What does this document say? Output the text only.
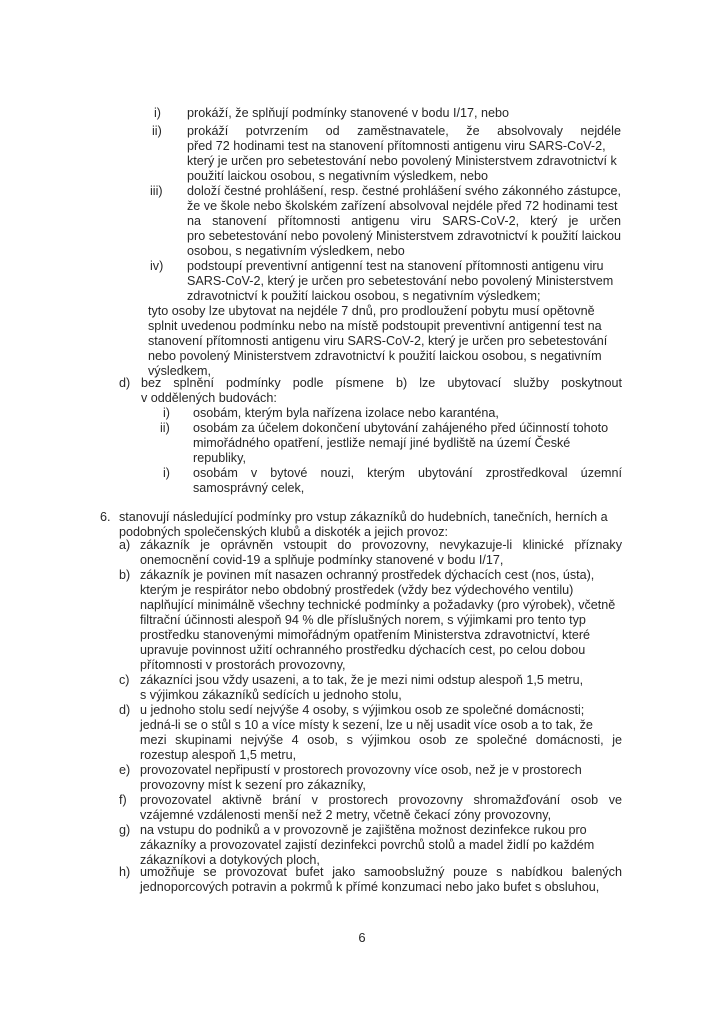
i) prokáží, že splňují podmínky stanovené v bodu I/17, nebo
ii) prokáží potvrzením od zaměstnavatele, že absolvovaly nejdéle
před 72 hodinami test na stanovení přítomnosti antigenu viru SARS-CoV-2,
který je určen pro sebetestování nebo povolený Ministerstvem zdravotnictví k
použití laickou osobou, s negativním výsledkem, nebo
iii) doloží čestné prohlášení, resp. čestné prohlášení svého zákonného zástupce,
že ve škole nebo školském zařízení absolvoval nejdéle před 72 hodinami test
na stanovení přítomnosti antigenu viru SARS-CoV-2, který je určen
pro sebetestování nebo povolený Ministerstvem zdravotnictví k použití laickou
osobou, s negativním výsledkem, nebo
iv) podstoupí preventivní antigenní test na stanovení přítomnosti antigenu viru
SARS-CoV-2, který je určen pro sebetestování nebo povolený Ministerstvem
zdravotnictví k použití laickou osobou, s negativním výsledkem;
tyto osoby lze ubytovat na nejdéle 7 dnů, pro prodloužení pobytu musí opětovně
splnit uvedenou podmínku nebo na místě podstoupit preventivní antigenní test na
stanovení přítomnosti antigenu viru SARS-CoV-2, který je určen pro sebetestování
nebo povolený Ministerstvem zdravotnictví k použití laickou osobou, s negativním
výsledkem,
d) bez splnění podmínky podle písmene b) lze ubytovací služby poskytnout
v oddělených budovách:
i) osobám, kterým byla nařízena izolace nebo karanténa,
ii) osobám za účelem dokončení ubytování zahájeného před účinností tohoto
mimořádného opatření, jestliže nemají jiné bydliště na území České
republiky,
i) osobám v bytové nouzi, kterým ubytování zprostředkoval územní
samosprávný celek,
6. stanovují následující podmínky pro vstup zákazníků do hudebních, tanečních, herních a
podobných společenských klubů a diskoték a jejich provoz:
a) zákazník je oprávněn vstoupit do provozovny, nevykazuje-li klinické příznaky
onemocnění covid-19 a splňuje podmínky stanovené v bodu I/17,
b) zákazník je povinen mít nasazen ochranný prostředek dýchacích cest (nos, ústa),
kterým je respirátor nebo obdobný prostředek (vždy bez výdechového ventilu)
naplňující minimálně všechny technické podmínky a požadavky (pro výrobek), včetně
filtrační účinnosti alespoň 94 % dle příslušných norem, s výjimkami pro tento typ
prostředku stanovenými mimořádným opatřením Ministerstva zdravotnictví, které
upravuje povinnost užití ochranného prostředku dýchacích cest, po celou dobou
přítomnosti v prostorách provozovny,
c) zákazníci jsou vždy usazeni, a to tak, že je mezi nimi odstup alespoň 1,5 metru,
s výjimkou zákazníků sedících u jednoho stolu,
d) u jednoho stolu sedí nejvýše 4 osoby, s výjimkou osob ze společné domácnosti;
jedná-li se o stůl s 10 a více místy k sezení, lze u něj usadit více osob a to tak, že
mezi skupinami nejvýše 4 osob, s výjimkou osob ze společné domácnosti, je
rozestup alespoň 1,5 metru,
e) provozovatel nepřipustí v prostorech provozovny více osob, než je v prostorech
provozovny míst k sezení pro zákazníky,
f) provozovatel aktivně brání v prostorech provozovny shromažďování osob ve
vzájemné vzdálenosti menší než 2 metry, včetně čekací zóny provozovny,
g) na vstupu do podniků a v provozovně je zajištěna možnost dezinfekce rukou pro
zákazníky a provozovatel zajistí dezinfekci povrchů stolů a madel židlí po každém
zákazníkovi a dotykových ploch,
h) umožňuje se provozovat bufet jako samoobslužný pouze s nabídkou balených
jednoporcových potravin a pokrmů k přímé konzumaci nebo jako bufet s obsluhou,
6
